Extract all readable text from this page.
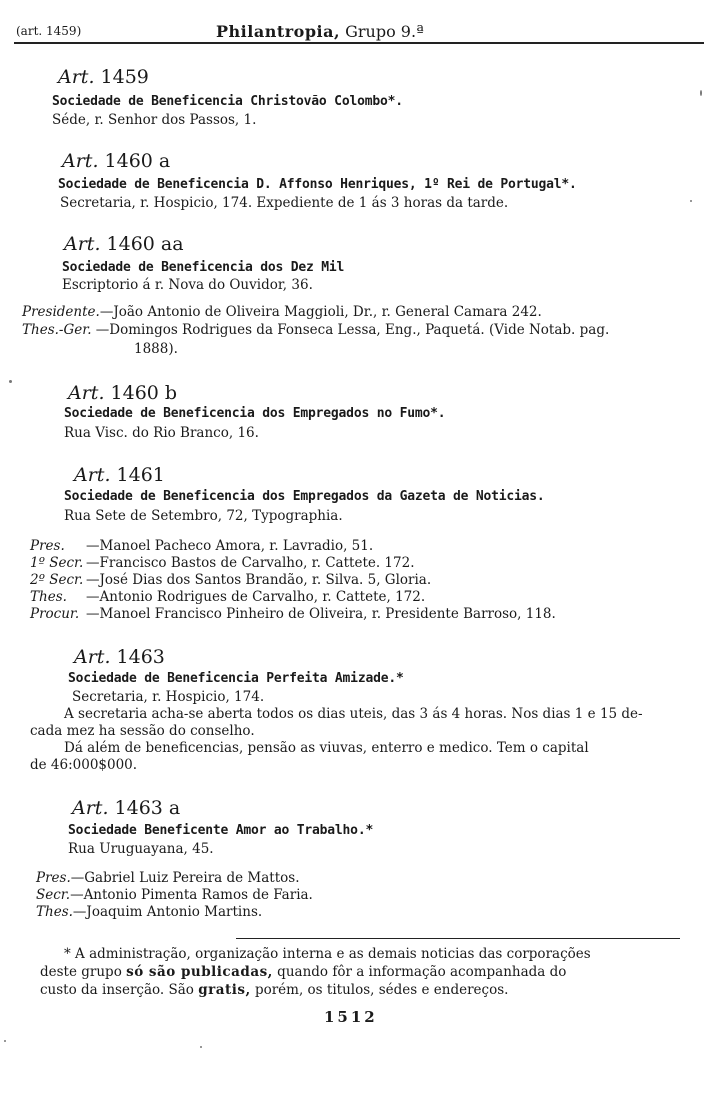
(art. 1459)	Philantropia, Grupo 9.ª
Art. 1459
Sociedade de Beneficencia Christovão Colombo*.
Séde, r. Senhor dos Passos, 1.
Art. 1460 a
Sociedade de Beneficencia D. Affonso Henriques, 1º Rei de Portugal*.
Secretaria, r. Hospicio, 174. Expediente de 1 ás 3 horas da tarde.
Art. 1460 aa
Sociedade de Beneficencia dos Dez Mil
Escriptorio á r. Nova do Ouvidor, 36.
Presidente.—João Antonio de Oliveira Maggioli, Dr., r. General Camara 242.
Thes.-Ger. —Domingos Rodrigues da Fonseca Lessa, Eng., Paquetá. (Vide Notab. pag.
1888).
Art. 1460 b
Sociedade de Beneficencia dos Empregados no Fumo*.
Rua Visc. do Rio Branco, 16.
Art. 1461
Sociedade de Beneficencia dos Empregados da Gazeta de Noticias.
Rua Sete de Setembro, 72, Typographia.
Pres. —Manoel Pacheco Amora, r. Lavradio, 51.
1º Secr. —Francisco Bastos de Carvalho, r. Cattete. 172.
2º Secr. —José Dias dos Santos Brandão, r. Silva. 5, Gloria.
Thes. —Antonio Rodrigues de Carvalho, r. Cattete, 172.
Procur. —Manoel Francisco Pinheiro de Oliveira, r. Presidente Barroso, 118.
Art. 1463
Sociedade de Beneficencia Perfeita Amizade.*
Secretaria, r. Hospicio, 174.
A secretaria acha-se aberta todos os dias uteis, das 3 ás 4 horas. Nos dias 1 e 15 de-
cada mez ha sessão do conselho.
Dá além de beneficencias, pensão as viuvas, enterro e medico. Tem o capital
de 46:000$000.
Art. 1463 a
Sociedade Beneficente Amor ao Trabalho.*
Rua Uruguayana, 45.
Pres.—Gabriel Luiz Pereira de Mattos.
Secr.—Antonio Pimenta Ramos de Faria.
Thes.—Joaquim Antonio Martins.
* A administração, organização interna e as demais noticias das corporações
deste grupo só são publicadas, quando fôr a informação acompanhada do
custo da inserção. São gratis, porém, os titulos, sédes e endereços.
1512
